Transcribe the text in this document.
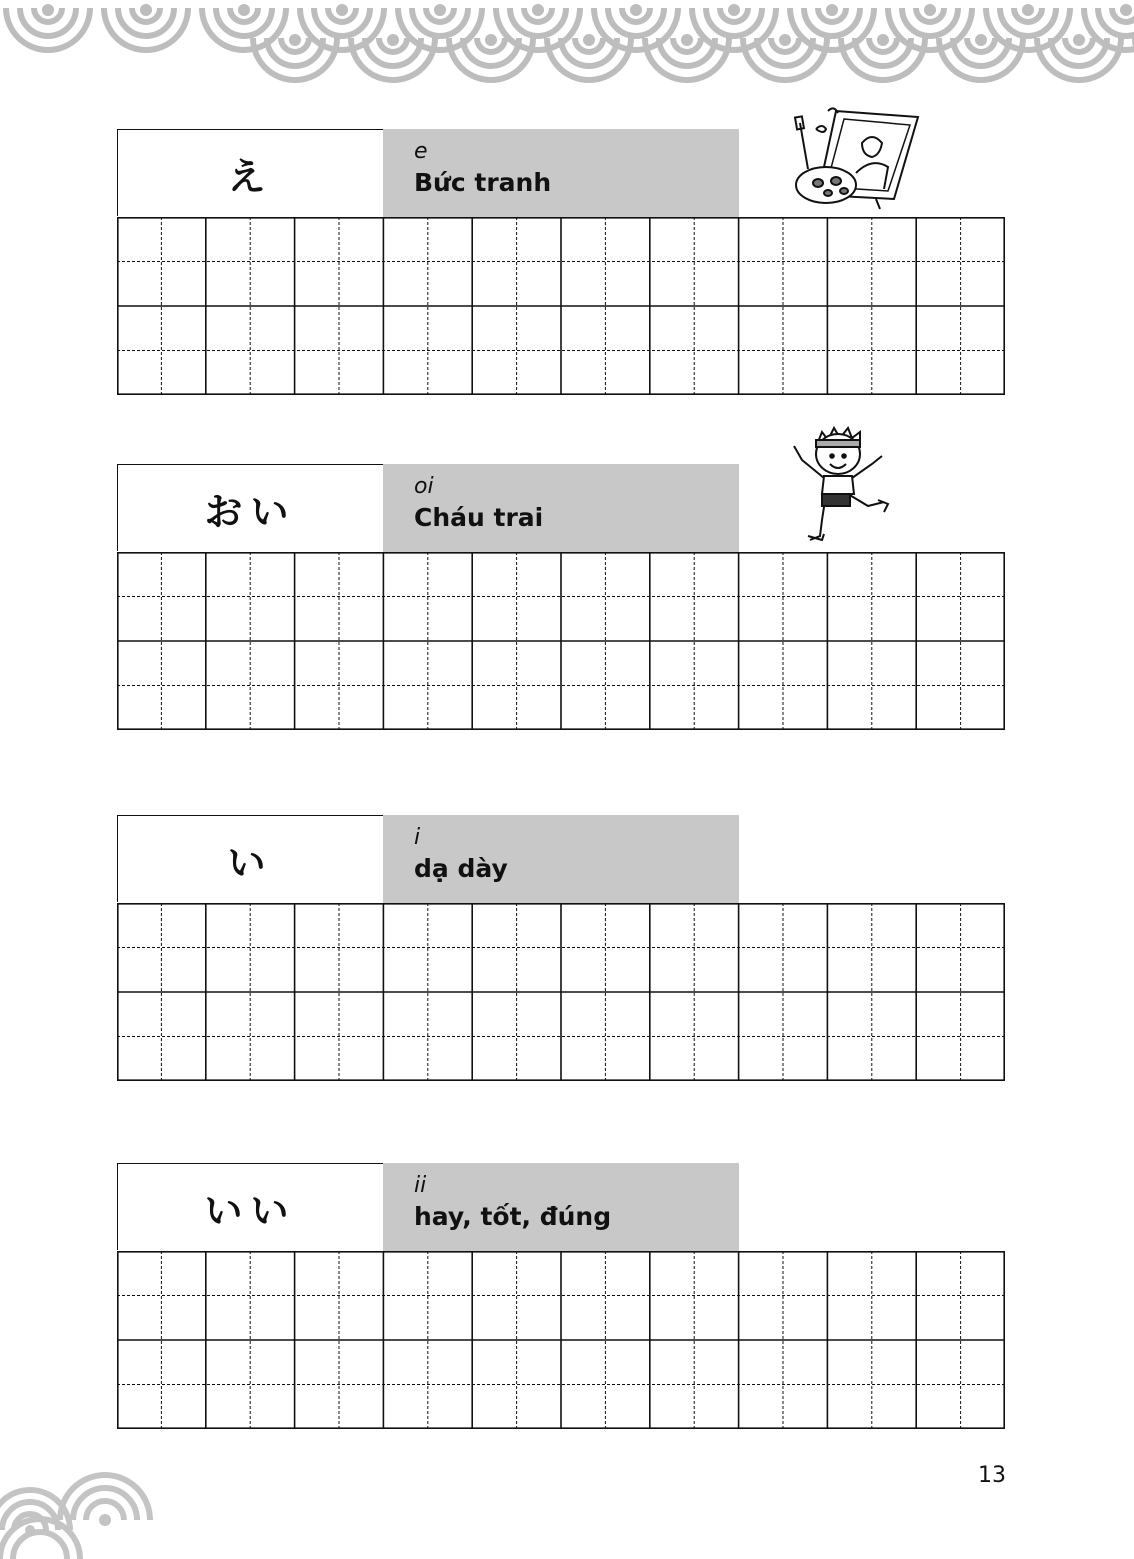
え
e
Bức tranh
おい
oi
Cháu trai
い
i
dạ dày
いい
ii
hay, tốt, đúng
13
